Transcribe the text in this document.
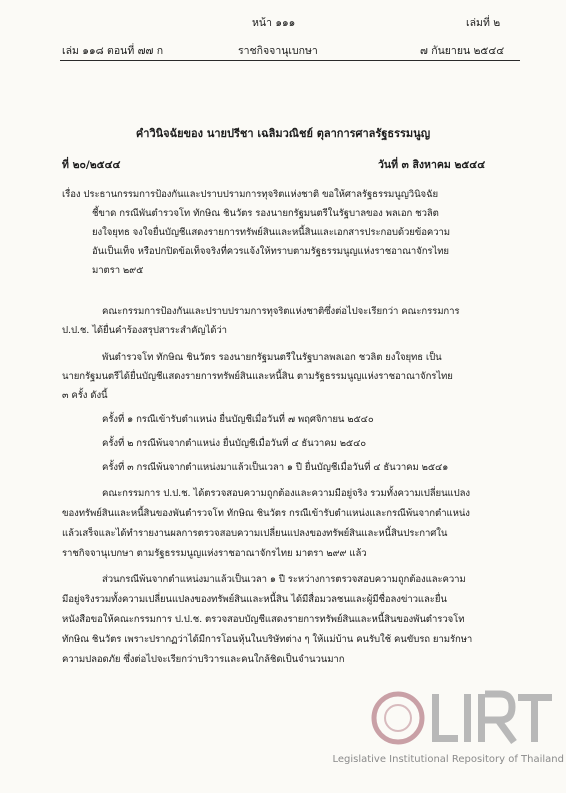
หน้า ๑๑๑	เล่มที่ ๒
เล่ม ๑๑๘ ตอนที่ ๗๗ ก	ราชกิจจานุเบกษา	๗ กันยายน ๒๕๔๔
คำวินิจฉัยของ นายปรีชา เฉลิมวณิชย์ ตุลาการศาลรัฐธรรมนูญ
ที่ ๒๐/๒๕๔๔	วันที่ ๓ สิงหาคม ๒๕๔๔
เรื่อง ประธานกรรมการป้องกันและปราบปรามการทุจริตแห่งชาติ ขอให้ศาลรัฐธรรมนูญวินิจฉัย
ชี้ขาด กรณีพันตำรวจโท ทักษิณ ชินวัตร รองนายกรัฐมนตรีในรัฐบาลของ พลเอก ชวลิต
ยงใจยุทธ จงใจยื่นบัญชีแสดงรายการทรัพย์สินและหนี้สินและเอกสารประกอบด้วยข้อความ
อันเป็นเท็จ หรือปกปิดข้อเท็จจริงที่ควรแจ้งให้ทราบตามรัฐธรรมนูญแห่งราชอาณาจักรไทย
มาตรา ๒๙๕
คณะกรรมการป้องกันและปราบปรามการทุจริตแห่งชาติซึ่งต่อไปจะเรียกว่า คณะกรรมการ
ป.ป.ช. ได้ยื่นคำร้องสรุปสาระสำคัญได้ว่า
พันตำรวจโท ทักษิณ ชินวัตร รองนายกรัฐมนตรีในรัฐบาลพลเอก ชวลิต ยงใจยุทธ เป็น
นายกรัฐมนตรีได้ยื่นบัญชีแสดงรายการทรัพย์สินและหนี้สิน ตามรัฐธรรมนูญแห่งราชอาณาจักรไทย
๓ ครั้ง ดังนี้
ครั้งที่ ๑ กรณีเข้ารับตำแหน่ง ยื่นบัญชีเมื่อวันที่ ๗ พฤศจิกายน ๒๕๔๐
ครั้งที่ ๒ กรณีพ้นจากตำแหน่ง ยื่นบัญชีเมื่อวันที่ ๔ ธันวาคม ๒๕๔๐
ครั้งที่ ๓ กรณีพ้นจากตำแหน่งมาแล้วเป็นเวลา ๑ ปี ยื่นบัญชีเมื่อวันที่ ๔ ธันวาคม ๒๕๔๑
คณะกรรมการ ป.ป.ช. ได้ตรวจสอบความถูกต้องและความมีอยู่จริง รวมทั้งความเปลี่ยนแปลง
ของทรัพย์สินและหนี้สินของพันตำรวจโท ทักษิณ ชินวัตร กรณีเข้ารับตำแหน่งและกรณีพ้นจากตำแหน่ง
แล้วเสร็จและได้ทำรายงานผลการตรวจสอบความเปลี่ยนแปลงของทรัพย์สินและหนี้สินประกาศใน
ราชกิจจานุเบกษา ตามรัฐธรรมนูญแห่งราชอาณาจักรไทย มาตรา ๒๙๙ แล้ว
ส่วนกรณีพ้นจากตำแหน่งมาแล้วเป็นเวลา ๑ ปี ระหว่างการตรวจสอบความถูกต้องและความ
มีอยู่จริงรวมทั้งความเปลี่ยนแปลงของทรัพย์สินและหนี้สิน ได้มีสื่อมวลชนและผู้มีชื่อลงข่าวและยื่น
หนังสือขอให้คณะกรรมการ ป.ป.ช. ตรวจสอบบัญชีแสดงรายการทรัพย์สินและหนี้สินของพันตำรวจโท
ทักษิณ ชินวัตร เพราะปรากฏว่าได้มีการโอนหุ้นในบริษัทต่าง ๆ ให้แม่บ้าน คนรับใช้ คนขับรถ ยามรักษา
ความปลอดภัย ซึ่งต่อไปจะเรียกว่าบริวารและคนใกล้ชิดเป็นจำนวนมาก
Legislative Institutional Repository of Thailand
